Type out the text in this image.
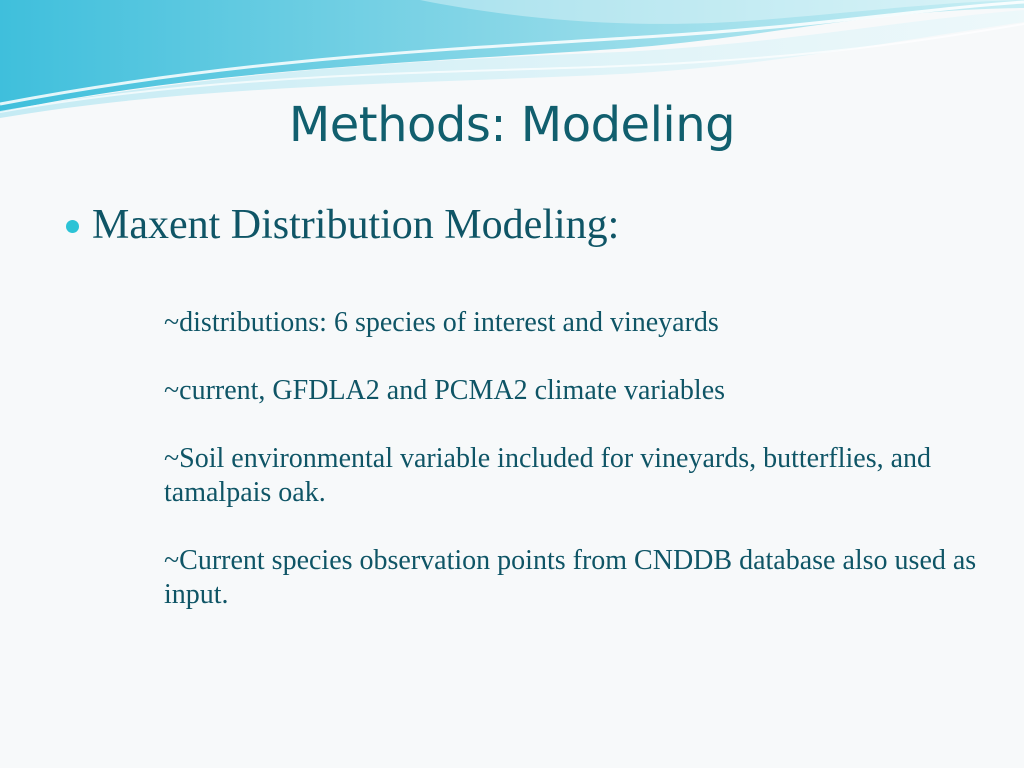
Methods: Modeling
Maxent Distribution Modeling:

~distributions: 6 species of interest and vineyards

~current, GFDLA2 and PCMA2 climate variables

~Soil environmental variable included for vineyards, butterflies, and tamalpais oak.

~Current species observation points from CNDDB database also used as input.
